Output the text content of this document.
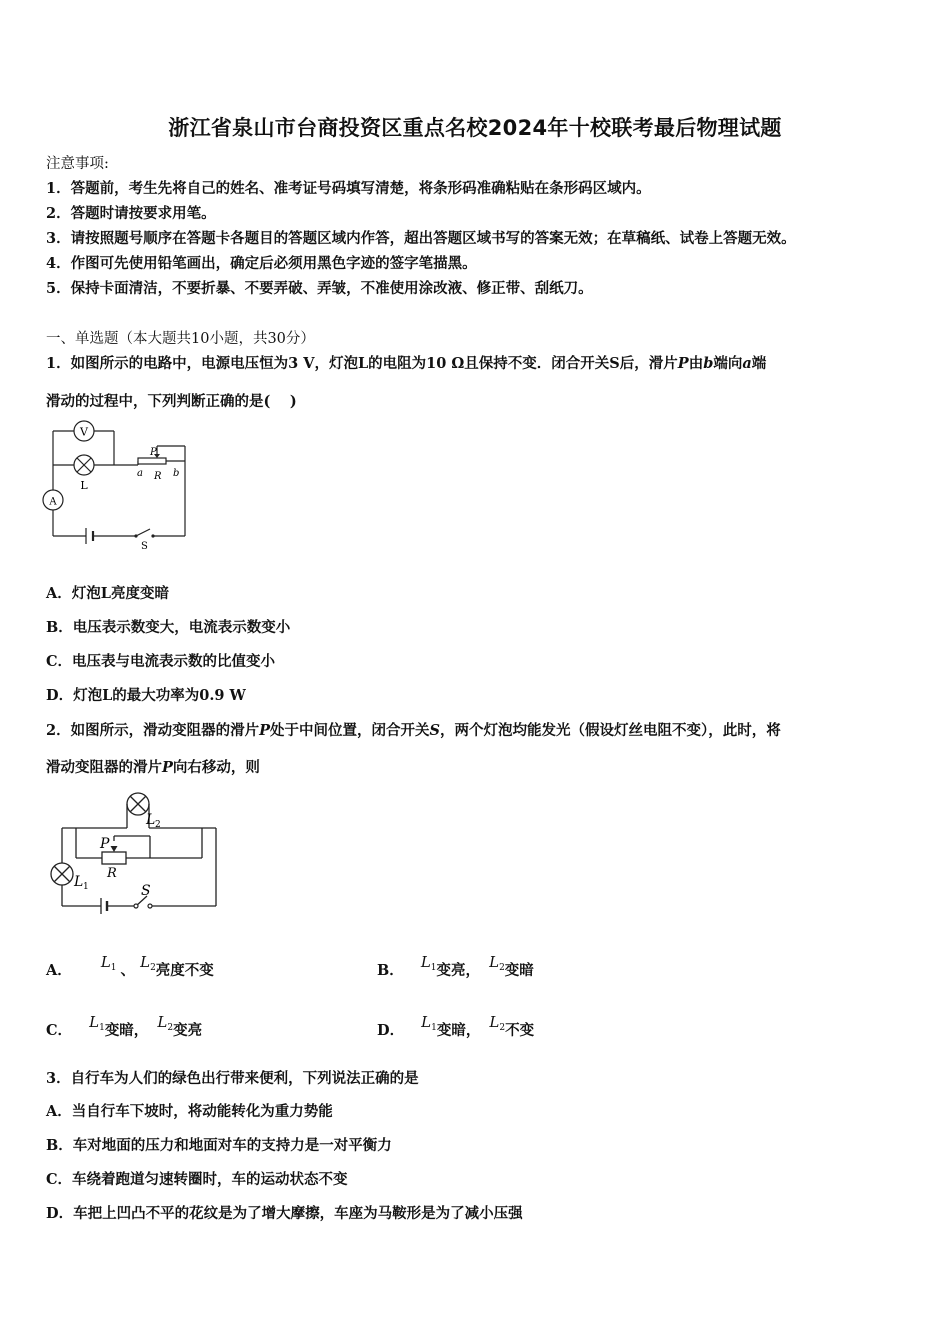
浙江省泉山市台商投资区重点名校2024年十校联考最后物理试题
注意事项:
1．答题前，考生先将自己的姓名、准考证号码填写清楚，将条形码准确粘贴在条形码区域内。
2．答题时请按要求用笔。
3．请按照题号顺序在答题卡各题目的答题区域内作答，超出答题区域书写的答案无效；在草稿纸、试卷上答题无效。
4．作图可先使用铅笔画出，确定后必须用黑色字迹的签字笔描黑。
5．保持卡面清洁，不要折暴、不要弄破、弄皱，不准使用涂改液、修正带、刮纸刀。
一、单选题（本大题共10小题，共30分）
1．如图所示的电路中，电源电压恒为3 V，灯泡L的电阻为10 Ω且保持不变．闭合开关S后，滑片P由b端向a端
滑动的过程中，下列判断正确的是(　 )
V
L
P
a R b
A
S
A．灯泡L亮度变暗
B．电压表示数变大，电流表示数变小
C．电压表与电流表示数的比值变小
D．灯泡L的最大功率为0.9 W
2．如图所示，滑动变阻器的滑片P处于中间位置，闭合开关S，两个灯泡均能发光（假设灯丝电阻不变），此时，将
滑动变阻器的滑片P向右移动，则
L 2
P
R
L 1	S
A． $L_1$ 、 $L_2$亮度不变	B． $L_1$变亮， $L_2$变暗
C． $L_1$变暗， $L_2$变亮	D． $L_1$变暗， $L_2$不变
3．自行车为人们的绿色出行带来便利，下列说法正确的是
A．当自行车下坡时，将动能转化为重力势能
B．车对地面的压力和地面对车的支持力是一对平衡力
C．车绕着跑道匀速转圈时，车的运动状态不变
D．车把上凹凸不平的花纹是为了增大摩擦，车座为马鞍形是为了减小压强
